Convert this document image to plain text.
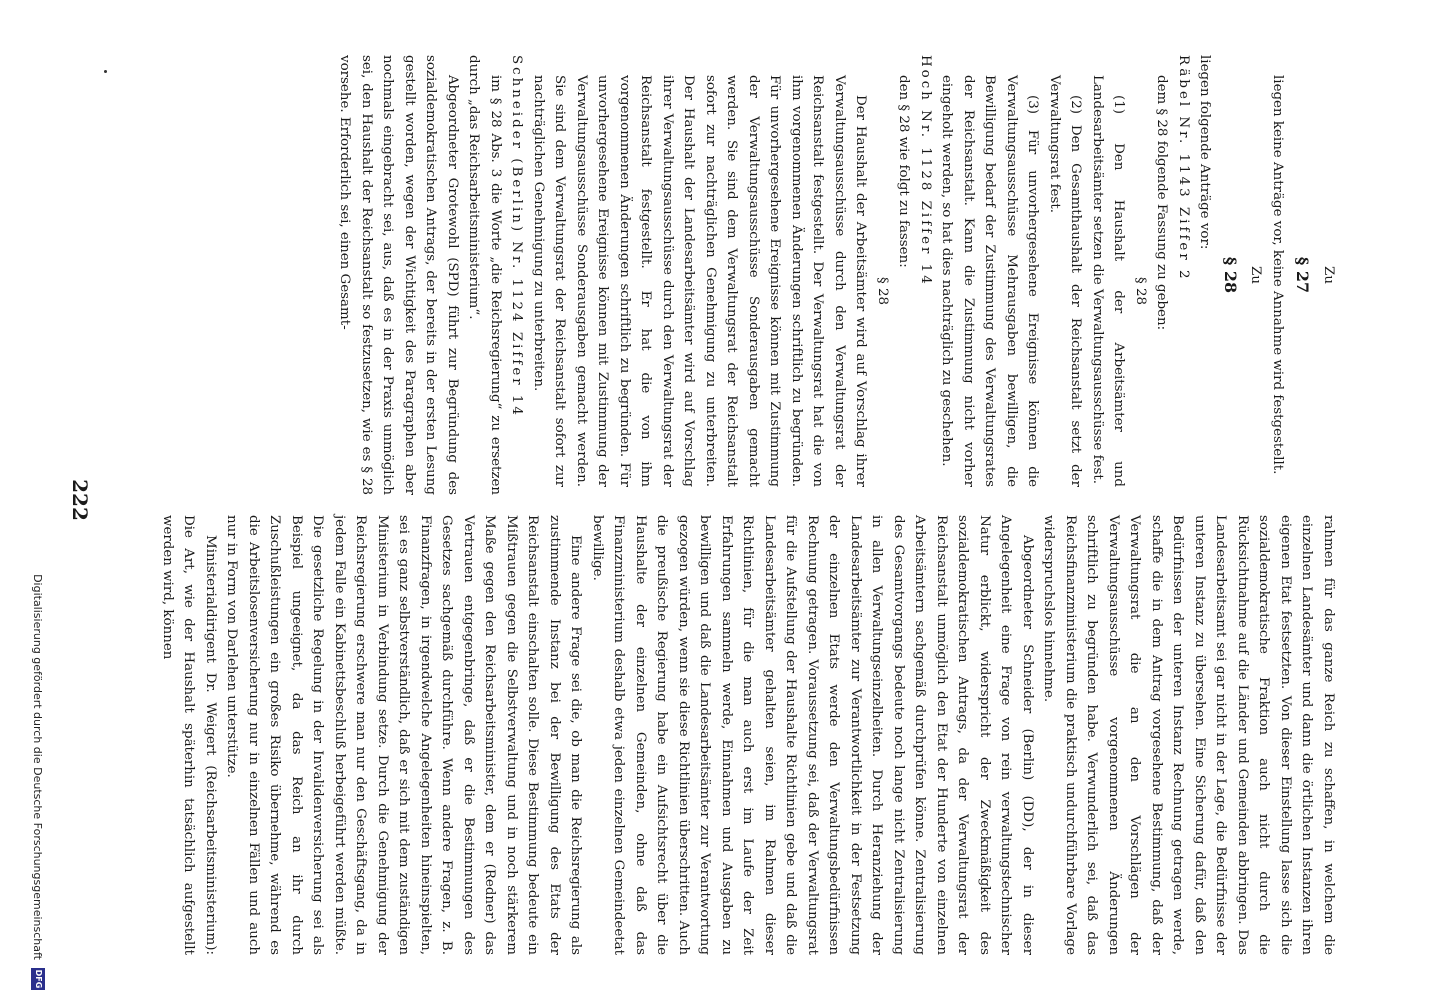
222

Zu

§ 27

liegen keine Anträge vor, keine Annahme wird festgestellt.

Zu

§ 28

liegen folgende Anträge vor:

Räbel Nr. 1143 Ziffer 2

dem § 28 folgende Fassung zu geben:

§ 28

(1) Den Haushalt der Arbeitsämter und Landesarbeitsämter setzen die Verwaltungsausschüsse fest.

(2) Den Gesamthaushalt der Reichsanstalt setzt der Verwaltungsrat fest.

(3) Für unvorhergesehene Ereignisse können die Verwaltungsausschüsse Mehrausgaben bewilligen, die Bewilligung bedarf der Zustimmung des Verwaltungsrates der Reichsanstalt. Kann die Zustimmung nicht vorher eingeholt werden, so hat dies nachträglich zu geschehen.

Hoch Nr. 1128 Ziffer 14

den § 28 wie folgt zu fassen:

§ 28

Der Haushalt der Arbeitsämter wird auf Vorschlag ihrer Verwaltungsausschüsse durch den Verwaltungsrat der Reichsanstalt festgestellt. Der Verwaltungsrat hat die von ihm vorgenommenen Änderungen schriftlich zu begründen. Für unvorhergesehene Ereignisse können mit Zustimmung der Verwaltungsausschüsse Sonderausgaben gemacht werden. Sie sind dem Verwaltungsrat der Reichsanstalt sofort zur nachträglichen Genehmigung zu unterbreiten. Der Haushalt der Landesarbeitsämter wird auf Vorschlag ihrer Verwaltungsausschüsse durch den Verwaltungsrat der Reichsanstalt festgestellt. Er hat die von ihm vorgenommenen Änderungen schriftlich zu begründen. Für unvorhergesehene Ereignisse können mit Zustimmung der Verwaltungsausschüsse Sonderausgaben gemacht werden. Sie sind dem Verwaltungsrat der Reichsanstalt sofort zur nachträglichen Genehmigung zu unterbreiten.

Schneider (Berlin) Nr. 1124 Ziffer 14

im § 28 Abs. 3 die Worte „die Reichsregierung“ zu ersetzen durch „das Reichsarbeitsministerium“.

Abgeordneter Grotewohl (SPD) führt zur Begründung des sozialdemokratischen Antrags, der bereits in der ersten Lesung gestellt worden, wegen der Wichtigkeit des Paragraphen aber nochmals eingebracht sei, aus, daß es in der Praxis unmöglich sei, den Haushalt der Reichsanstalt so festzusetzen, wie es § 28 vorsehe. Erforderlich sei, einen Gesamt-

rahmen für das ganze Reich zu schaffen, in welchem die einzelnen Landesämter und dann die örtlichen Instanzen ihren eigenen Etat festsetzten. Von dieser Einstellung lasse sich die sozialdemokratische Fraktion auch nicht durch die Rücksichtnahme auf die Länder und Gemeinden abbringen. Das Landesarbeitsamt sei gar nicht in der Lage, die Bedürfnisse der unteren Instanz zu übersehen. Eine Sicherung dafür, daß den Bedürfnissen der unteren Instanz Rechnung getragen werde, schaffe die in dem Antrag vorgesehene Bestimmung, daß der Verwaltungsrat die an den Vorschlägen der Verwaltungsausschüsse vorgenommenen Änderungen schriftlich zu begründen habe. Verwunderlich sei, daß das Reichsfinanzministerium die praktisch undurchführbare Vorlage widerspruchslos hinnehme.

Abgeordneter Schneider (Berlin) (DD), der in dieser Angelegenheit eine Frage von rein verwaltungstechnischer Natur erblickt, widerspricht der Zweckmäßigkeit des sozialdemokratischen Antrags, da der Verwaltungsrat der Reichsanstalt unmöglich den Etat der Hunderte von einzelnen Arbeitsämtern sachgemäß durchprüfen könne. Zentralisierung des Gesamtvorgangs bedeute noch lange nicht Zentralisierung in allen Verwaltungseinzelheiten. Durch Heranziehung der Landesarbeitsämter zur Verantwortlichkeit in der Festsetzung der einzelnen Etats werde den Verwaltungsbedürfnissen Rechnung getragen. Voraussetzung sei, daß der Verwaltungsrat für die Aufstellung der Haushalte Richtlinien gebe und daß die Landesarbeitsämter gehalten seien, im Rahmen dieser Richtlinien, für die man auch erst im Laufe der Zeit Erfahrungen sammeln werde, Einnahmen und Ausgaben zu bewilligen und daß die Landesarbeitsämter zur Verantwortung gezogen würden, wenn sie diese Richtlinien überschritten. Auch die preußische Regierung habe ein Aufsichtsrecht über die Haushalte der einzelnen Gemeinden, ohne daß das Finanzministerium deshalb etwa jeden einzelnen Gemeindeetat bewillige.

Eine andere Frage sei die, ob man die Reichsregierung als zustimmende Instanz bei der Bewilligung des Etats der Reichsanstalt einschalten solle. Diese Bestimmung bedeute ein Mißtrauen gegen die Selbstverwaltung und in noch stärkerem Maße gegen den Reichsarbeitsminister, dem er (Redner) das Vertrauen entgegenbringe, daß er die Bestimmungen des Gesetzes sachgemäß durchführe. Wenn andere Fragen, z. B. Finanzfragen, in irgendwelche Angelegenheiten hineinspielten, sei es ganz selbstverständlich, daß er sich mit dem zuständigen Ministerium in Verbindung setze. Durch die Genehmigung der Reichsregierung erschwere man nur den Geschäftsgang, da in jedem Falle ein Kabinettsbeschluß herbeigeführt werden müßte. Die gesetzliche Regelung in der Invalidenversicherung sei als Beispiel ungeeignet, da das Reich an ihr durch Zuschußleistungen ein großes Risiko übernehme, während es die Arbeitslosenversicherung nur in einzelnen Fällen und auch nur in Form von Darlehen unterstütze.

Ministerialdirigent Dr. Weigert (Reichsarbeitsministerium): Die Art, wie der Haushalt späterhin tatsächlich aufgestellt werden wird, können

Digitalisierung gefördert durch die Deutsche Forschungsgemeinschaft
DFG
